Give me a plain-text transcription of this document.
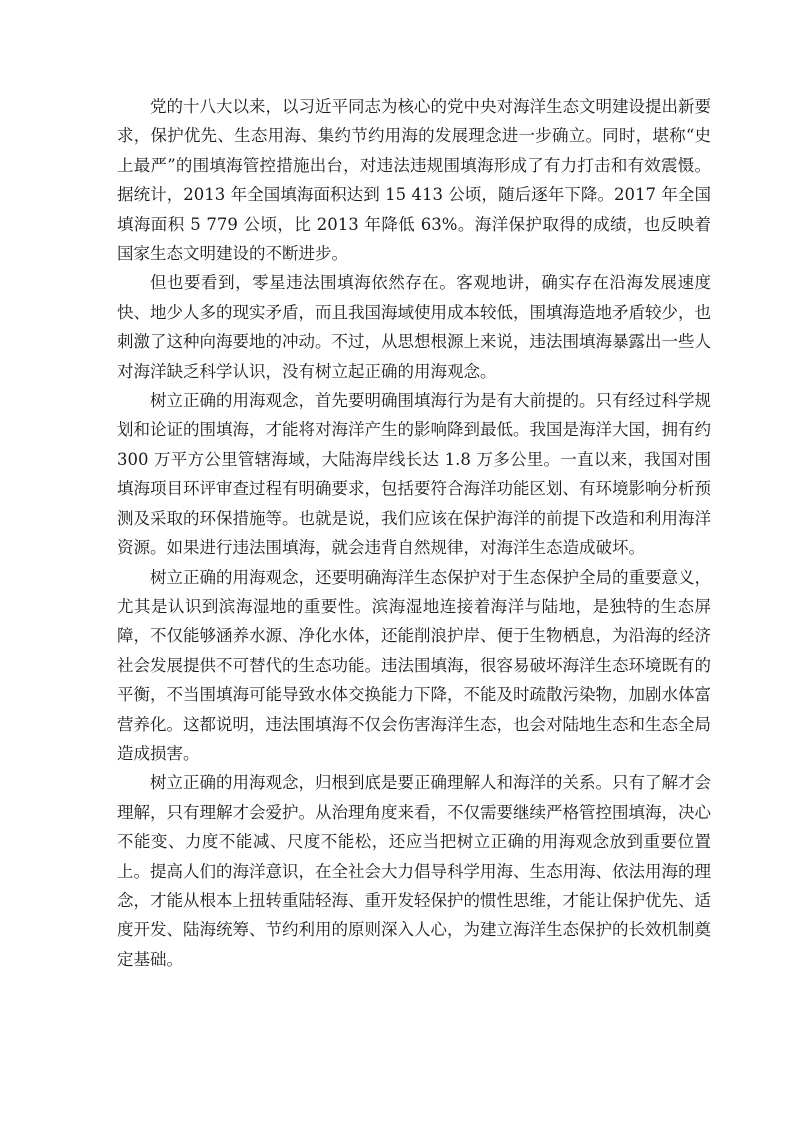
党的十八大以来，以习近平同志为核心的党中央对海洋生态文明建设提出新要求，保护优先、生态用海、集约节约用海的发展理念进一步确立。同时，堪称“史上最严”的围填海管控措施出台，对违法违规围填海形成了有力打击和有效震慑。据统计，2013 年全国填海面积达到 15 413 公顷，随后逐年下降。2017 年全国填海面积 5 779 公顷，比 2013 年降低 63%。海洋保护取得的成绩，也反映着国家生态文明建设的不断进步。

但也要看到，零星违法围填海依然存在。客观地讲，确实存在沿海发展速度快、地少人多的现实矛盾，而且我国海域使用成本较低，围填海造地矛盾较少，也刺激了这种向海要地的冲动。不过，从思想根源上来说，违法围填海暴露出一些人对海洋缺乏科学认识，没有树立起正确的用海观念。

树立正确的用海观念，首先要明确围填海行为是有大前提的。只有经过科学规划和论证的围填海，才能将对海洋产生的影响降到最低。我国是海洋大国，拥有约 300 万平方公里管辖海域，大陆海岸线长达 1.8 万多公里。一直以来，我国对围填海项目环评审查过程有明确要求，包括要符合海洋功能区划、有环境影响分析预测及采取的环保措施等。也就是说，我们应该在保护海洋的前提下改造和利用海洋资源。如果进行违法围填海，就会违背自然规律，对海洋生态造成破坏。

树立正确的用海观念，还要明确海洋生态保护对于生态保护全局的重要意义，尤其是认识到滨海湿地的重要性。滨海湿地连接着海洋与陆地，是独特的生态屏障，不仅能够涵养水源、净化水体，还能削浪护岸、便于生物栖息，为沿海的经济社会发展提供不可替代的生态功能。违法围填海，很容易破坏海洋生态环境既有的平衡，不当围填海可能导致水体交换能力下降，不能及时疏散污染物，加剧水体富营养化。这都说明，违法围填海不仅会伤害海洋生态，也会对陆地生态和生态全局造成损害。

树立正确的用海观念，归根到底是要正确理解人和海洋的关系。只有了解才会理解，只有理解才会爱护。从治理角度来看，不仅需要继续严格管控围填海，决心不能变、力度不能减、尺度不能松，还应当把树立正确的用海观念放到重要位置上。提高人们的海洋意识，在全社会大力倡导科学用海、生态用海、依法用海的理念，才能从根本上扭转重陆轻海、重开发轻保护的惯性思维，才能让保护优先、适度开发、陆海统筹、节约利用的原则深入人心，为建立海洋生态保护的长效机制奠定基础。
